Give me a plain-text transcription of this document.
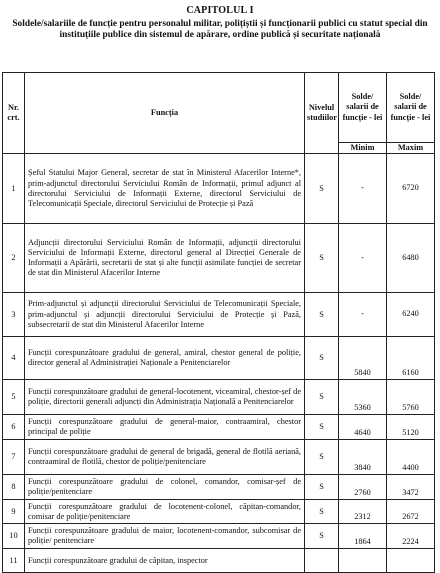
CAPITOLUL I
Soldele/salariile de funcție pentru personalul militar, polițiștii și funcționarii publici cu statut special din instituțiile publice din sistemul de apărare, ordine publică și securitate națională
Nr. crt.	Funcția	Nivelul studiilor	Solde/ salarii de funcție - lei	Solde/ salarii de funcție - lei
			Minim	Maxim
1	Șeful Statului Major General, secretar de stat în Ministerul Afacerilor Interne*, prim-adjunctul directorului Serviciului Român de Informații, primul adjunct al directorului Serviciului de Informații Externe, directorul Serviciului de Telecomunicații Speciale, directorul Serviciului de Protecție și Pază	S	-	6720
2	Adjuncții directorului Serviciului Român de Informații, adjuncții directorului Serviciului de Informații Externe, directorul general al Direcției Generale de Informații a Apărării, secretarii de stat și alte funcții asimilate funcției de secretar de stat din Ministerul Afacerilor Interne	S	-	6480
3	Prim-adjunctul și adjuncții directorului Serviciului de Telecomunicații Speciale, prim-adjunctul și adjuncții directorului Serviciului de Protecție și Pază, subsecretarii de stat din Ministerul Afacerilor Interne	S	-	6240
4	Funcții corespunzătoare gradului de general, amiral, chestor general de poliție, director general al Administrației Naționale a Penitenciarelor	S	5840	6160
5	Funcții corespunzătoare gradului de general-locotenent, viceamiral, chestor-șef de poliție, directorii generali adjuncți din Administrația Națională a Penitenciarelor	S	5360	5760
6	Funcții corespunzătoare gradului de general-maior, contraamiral, chestor principal de poliție	S	4640	5120
7	Funcții corespunzătoare gradului de general de brigadă, general de flotilă aeriană, contraamiral de flotilă, chestor de poliție/penitenciare	S	3840	4400
8	Funcții corespunzătoare gradului de colonel, comandor, comisar-șef de poliție/penitenciare	S	2760	3472
9	Funcții corespunzătoare gradului de locotenent-colonel, căpitan-comandor, comisar de poliție/penitenciare	S	2312	2672
10	Funcții corespunzătoare gradului de maior, locotenent-comandor, subcomisar de poliție/ penitenciare	S	1864	2224
11	Funcții corespunzătoare gradului de căpitan, inspector			
